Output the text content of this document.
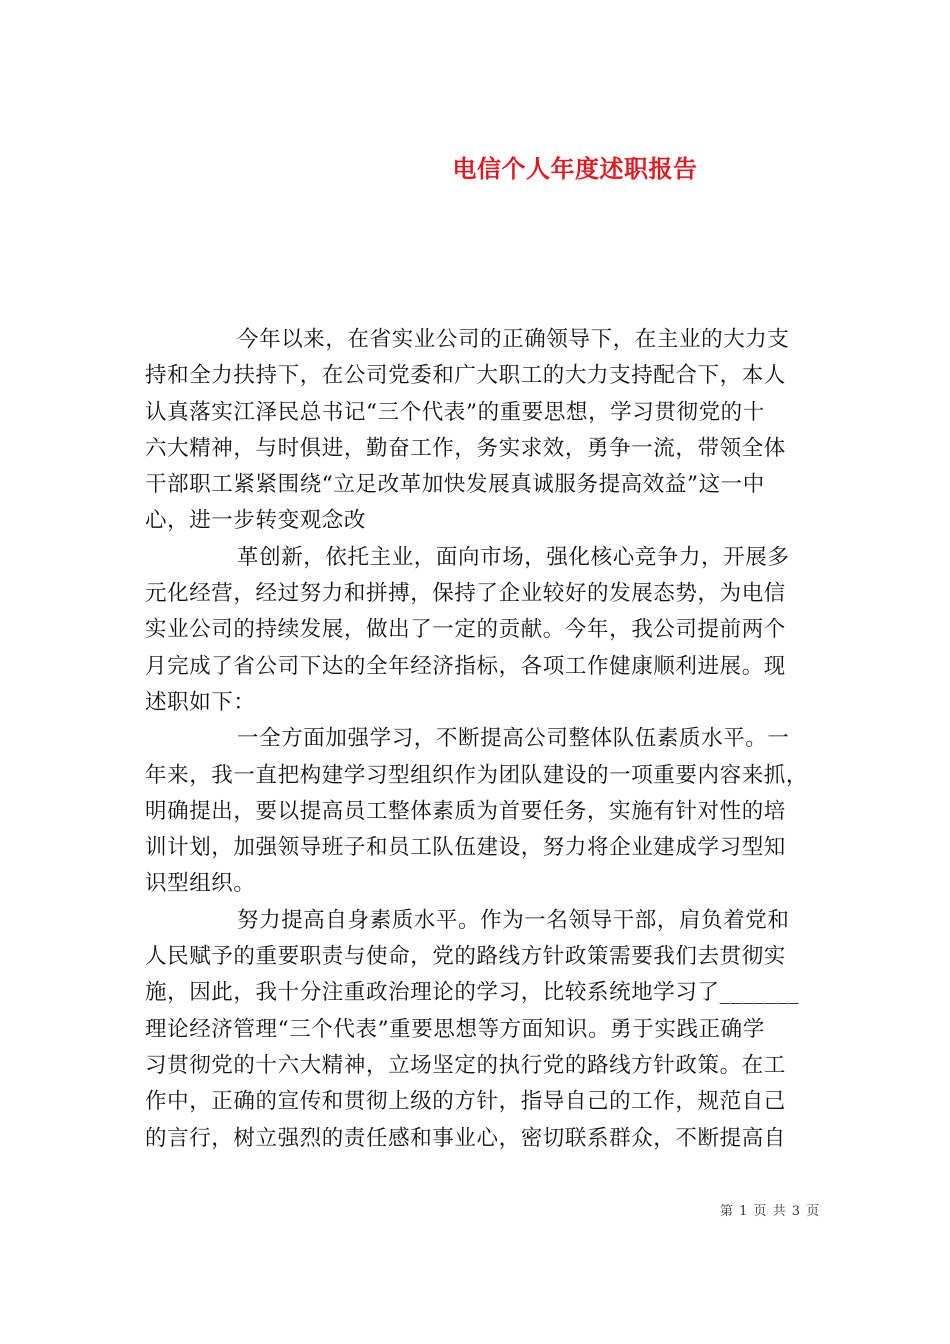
电信个人年度述职报告
今年以来，在省实业公司的正确领导下，在主业的大力支
持和全力扶持下，在公司党委和广大职工的大力支持配合下，本人
认真落实江泽民总书记“三个代表”的重要思想，学习贯彻党的十
六大精神，与时俱进，勤奋工作，务实求效，勇争一流，带领全体
干部职工紧紧围绕“立足改革加快发展真诚服务提高效益”这一中
心，进一步转变观念改
革创新，依托主业，面向市场，强化核心竞争力，开展多
元化经营，经过努力和拼搏，保持了企业较好的发展态势，为电信
实业公司的持续发展，做出了一定的贡献。今年，我公司提前两个
月完成了省公司下达的全年经济指标，各项工作健康顺利进展。现
述职如下：
一全方面加强学习，不断提高公司整体队伍素质水平。一
年来，我一直把构建学习型组织作为团队建设的一项重要内容来抓，
明确提出，要以提高员工整体素质为首要任务，实施有针对性的培
训计划，加强领导班子和员工队伍建设，努力将企业建成学习型知
识型组织。
努力提高自身素质水平。作为一名领导干部，肩负着党和
人民赋予的重要职责与使命，党的路线方针政策需要我们去贯彻实
施，因此，我十分注重政治理论的学习，比较系统地学习了_______
理论经济管理“三个代表”重要思想等方面知识。勇于实践正确学
习贯彻党的十六大精神，立场坚定的执行党的路线方针政策。在工
作中，正确的宣传和贯彻上级的方针，指导自己的工作，规范自己
的言行，树立强烈的责任感和事业心，密切联系群众，不断提高自
第 1 页 共 3 页
